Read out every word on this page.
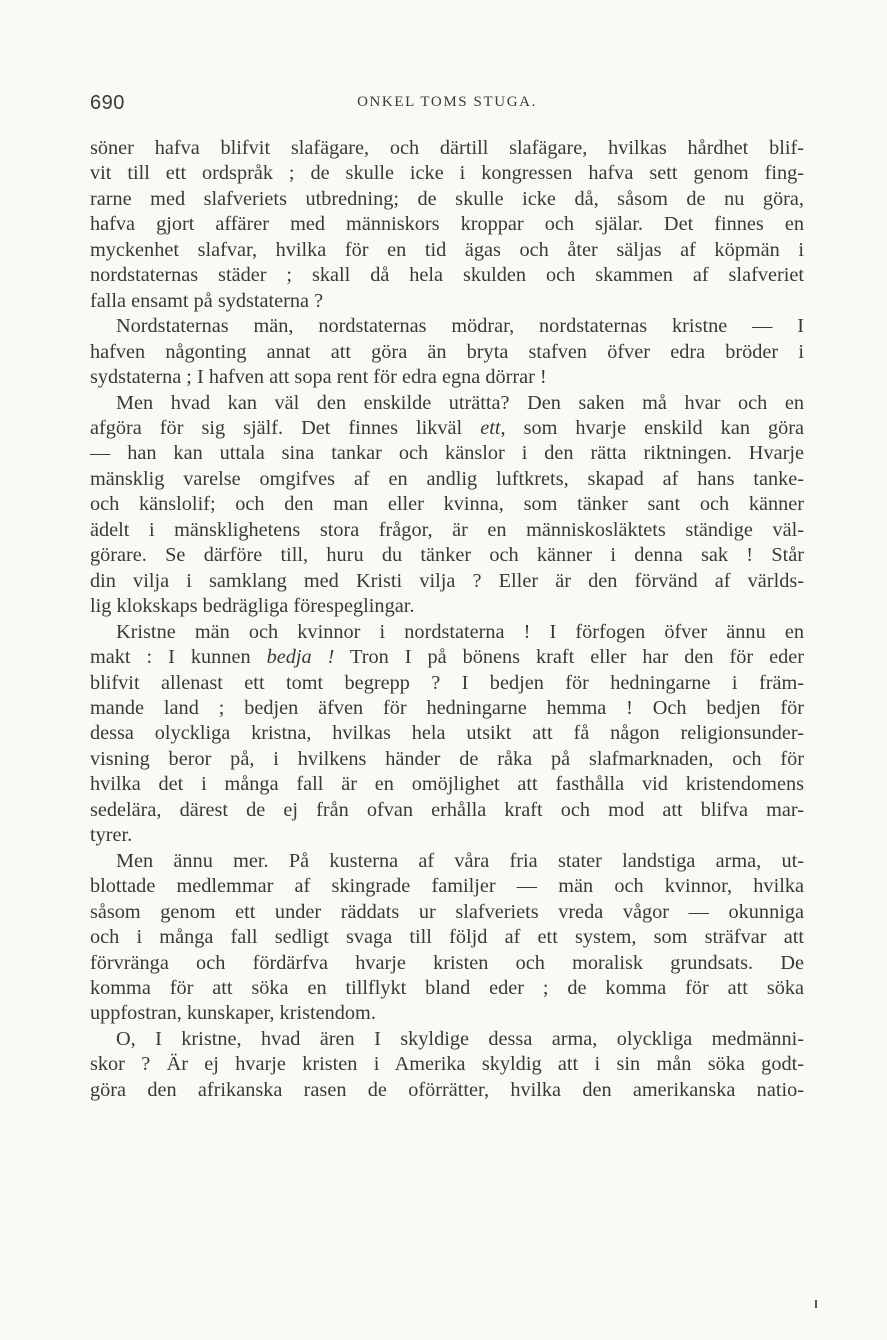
690	ONKEL TOMS STUGA.

söner hafva blifvit slafägare, och därtill slafägare, hvilkas hårdhet blif-
vit till ett ordspråk ; de skulle icke i kongressen hafva sett genom fing-
rarne med slafveriets utbredning; de skulle icke då, såsom de nu göra,
hafva gjort affärer med människors kroppar och själar. Det finnes en
myckenhet slafvar, hvilka för en tid ägas och åter säljas af köpmän i
nordstaternas städer ; skall då hela skulden och skammen af slafveriet
falla ensamt på sydstaterna ?

Nordstaternas män, nordstaternas mödrar, nordstaternas kristne — I
hafven någonting annat att göra än bryta stafven öfver edra bröder i
sydstaterna ; I hafven att sopa rent för edra egna dörrar !

Men hvad kan väl den enskilde uträtta? Den saken må hvar och en
afgöra för sig själf. Det finnes likväl ett, som hvarje enskild kan göra
— han kan uttala sina tankar och känslor i den rätta riktningen. Hvarje
mänsklig varelse omgifves af en andlig luftkrets, skapad af hans tanke-
och känslolif; och den man eller kvinna, som tänker sant och känner
ädelt i mänsklighetens stora frågor, är en människosläktets ständige väl-
görare. Se därföre till, huru du tänker och känner i denna sak ! Står
din vilja i samklang med Kristi vilja ? Eller är den förvänd af världs-
lig klokskaps bedrägliga förespeglingar.

Kristne män och kvinnor i nordstaterna ! I förfogen öfver ännu en
makt : I kunnen bedja ! Tron I på bönens kraft eller har den för eder
blifvit allenast ett tomt begrepp ? I bedjen för hedningarne i främ-
mande land ; bedjen äfven för hedningarne hemma ! Och bedjen för
dessa olyckliga kristna, hvilkas hela utsikt att få någon religionsunder-
visning beror på, i hvilkens händer de råka på slafmarknaden, och för
hvilka det i många fall är en omöjlighet att fasthålla vid kristendomens
sedelära, därest de ej från ofvan erhålla kraft och mod att blifva mar-
tyrer.

Men ännu mer. På kusterna af våra fria stater landstiga arma, ut-
blottade medlemmar af skingrade familjer — män och kvinnor, hvilka
såsom genom ett under räddats ur slafveriets vreda vågor — okunniga
och i många fall sedligt svaga till följd af ett system, som sträfvar att
förvränga och fördärfva hvarje kristen och moralisk grundsats. De
komma för att söka en tillflykt bland eder ; de komma för att söka
uppfostran, kunskaper, kristendom.

O, I kristne, hvad ären I skyldige dessa arma, olyckliga medmänni-
skor ? Är ej hvarje kristen i Amerika skyldig att i sin mån söka godt-
göra den afrikanska rasen de oförrätter, hvilka den amerikanska natio-
